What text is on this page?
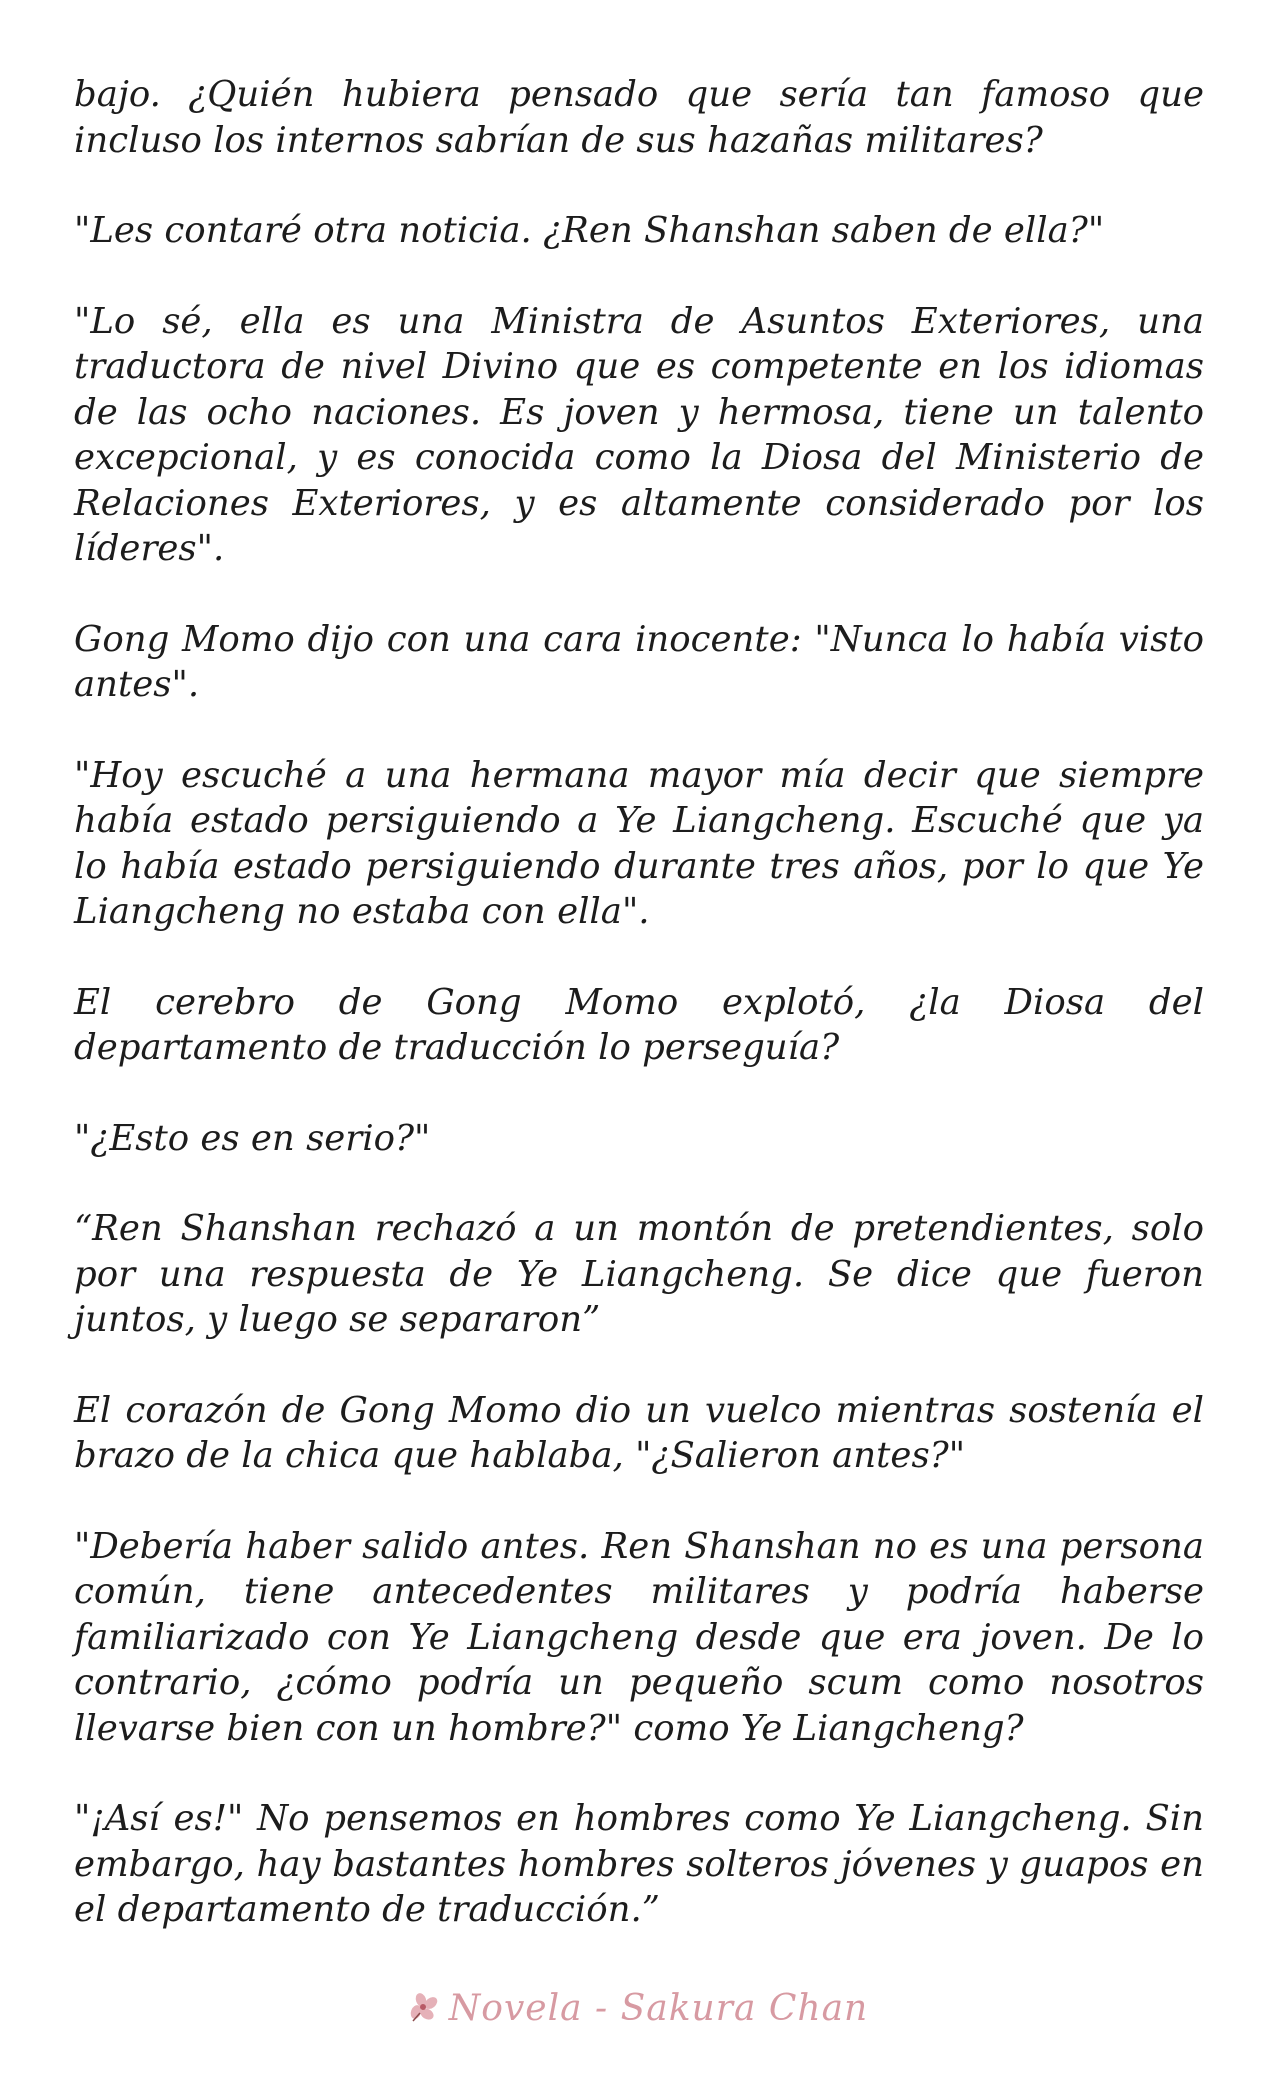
bajo. ¿Quién hubiera pensado que sería tan famoso que incluso los internos sabrían de sus hazañas militares?

"Les contaré otra noticia. ¿Ren Shanshan saben de ella?"

"Lo sé, ella es una Ministra de Asuntos Exteriores, una traductora de nivel Divino que es competente en los idiomas de las ocho naciones. Es joven y hermosa, tiene un talento excepcional, y es conocida como la Diosa del Ministerio de Relaciones Exteriores, y es altamente considerado por los líderes".

Gong Momo dijo con una cara inocente: "Nunca lo había visto antes".

"Hoy escuché a una hermana mayor mía decir que siempre había estado persiguiendo a Ye Liangcheng. Escuché que ya lo había estado persiguiendo durante tres años, por lo que Ye Liangcheng no estaba con ella".

El cerebro de Gong Momo explotó, ¿la Diosa del departamento de traducción lo perseguía?

"¿Esto es en serio?"

“Ren Shanshan rechazó a un montón de pretendientes, solo por una respuesta de Ye Liangcheng. Se dice que fueron juntos, y luego se separaron”

El corazón de Gong Momo dio un vuelco mientras sostenía el brazo de la chica que hablaba, "¿Salieron antes?"

"Debería haber salido antes. Ren Shanshan no es una persona común, tiene antecedentes militares y podría haberse familiarizado con Ye Liangcheng desde que era joven. De lo contrario, ¿cómo podría un pequeño scum como nosotros llevarse bien con un hombre?" como Ye Liangcheng?

"¡Así es!" No pensemos en hombres como Ye Liangcheng. Sin embargo, hay bastantes hombres solteros jóvenes y guapos en el departamento de traducción.”

Novela - Sakura Chan
